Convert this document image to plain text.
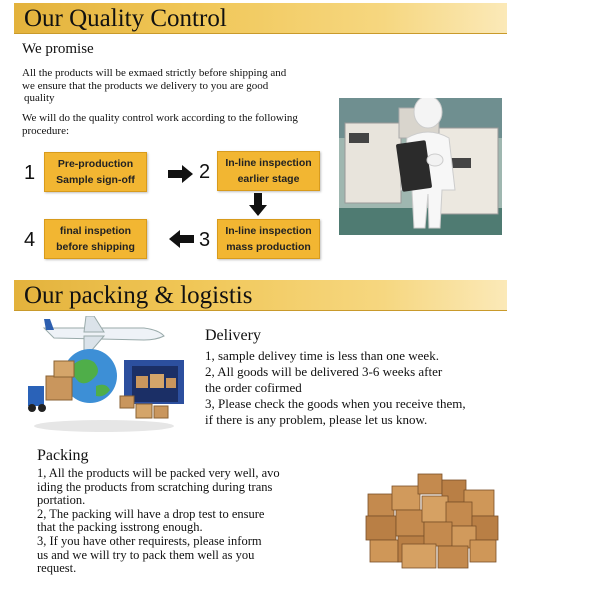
Our Quality Control
We promise
All the products will be exmaed strictly before shipping and
we ensure that the products we delivery to you are good
quality
We will do the quality control work according to the following
procedure:
1	Pre-production
Sample sign-off	2	In-line inspection
earlier stage
3	In-line inspection
mass production
4	final inspetion
before shipping
Our packing & logistis
Delivery
1, sample delivey time is less than one week.
2, All goods will be delivered 3-6 weeks after
the order cofirmed
3, Please check the goods when you receive them,
if there is any problem, please let us know.
Packing
1, All the products will be packed very well, avo
iding the products from scratching during trans
portation.
2, The packing will have a drop test to ensure
that the packing isstrong enough.
3, If you have other requirests, please inform
us and we will try to pack them well as you
request.
